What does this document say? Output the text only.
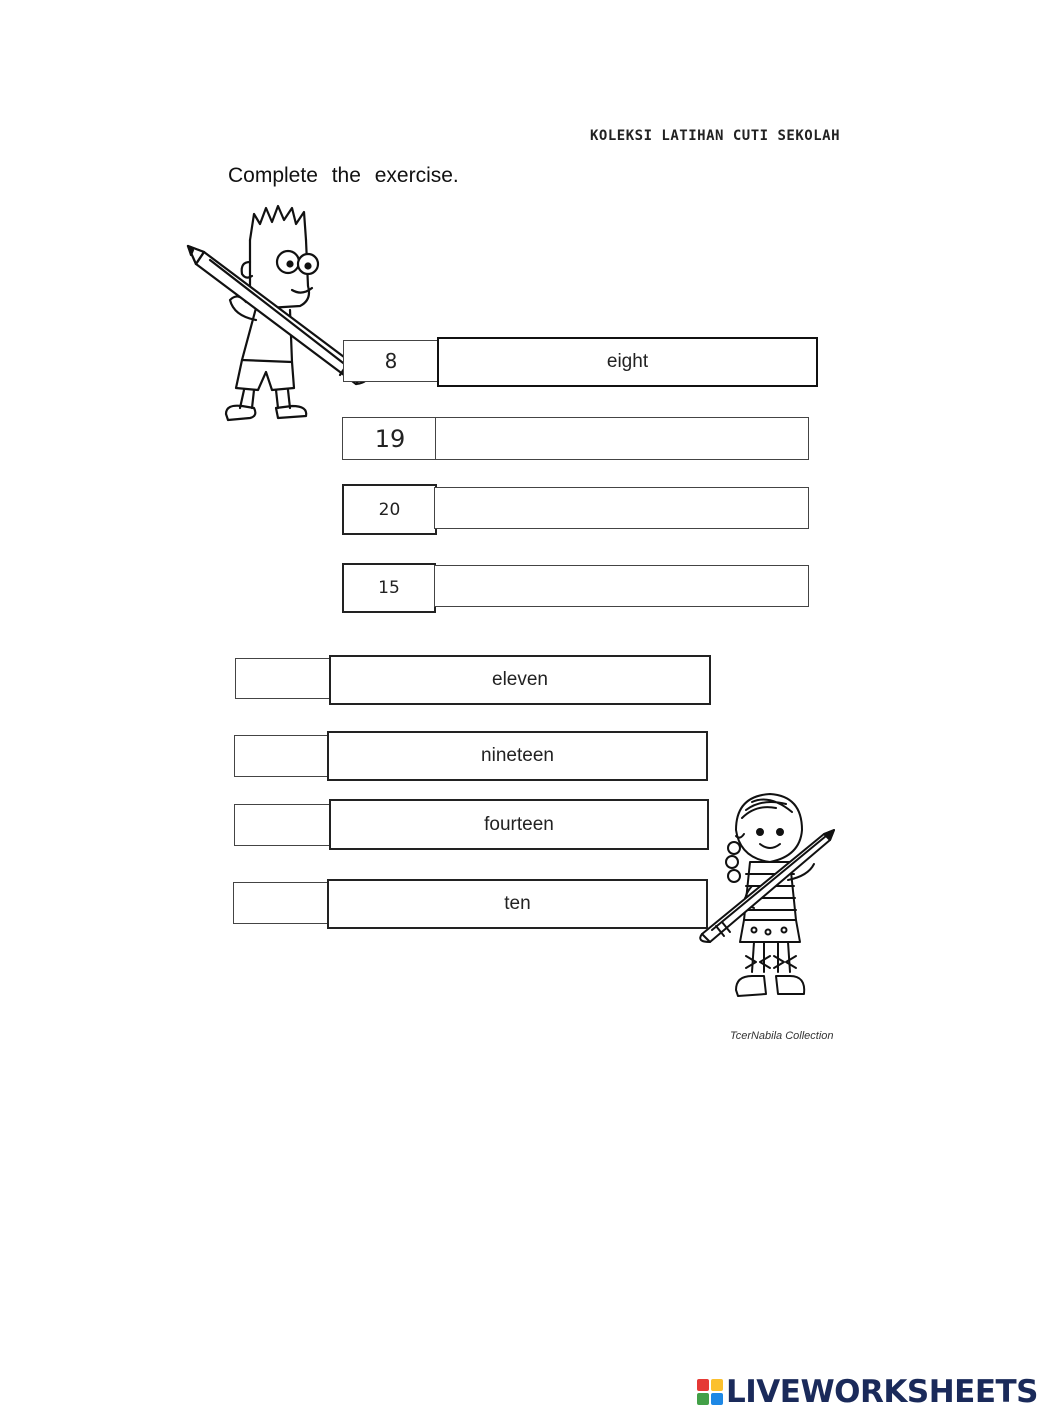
KOLEKSI LATIHAN CUTI SEKOLAH
Complete the exercise.
8	eight
19
20
15
eleven
nineteen
fourteen
ten
TcerNabila Collection
LIVEWORKSHEETS
